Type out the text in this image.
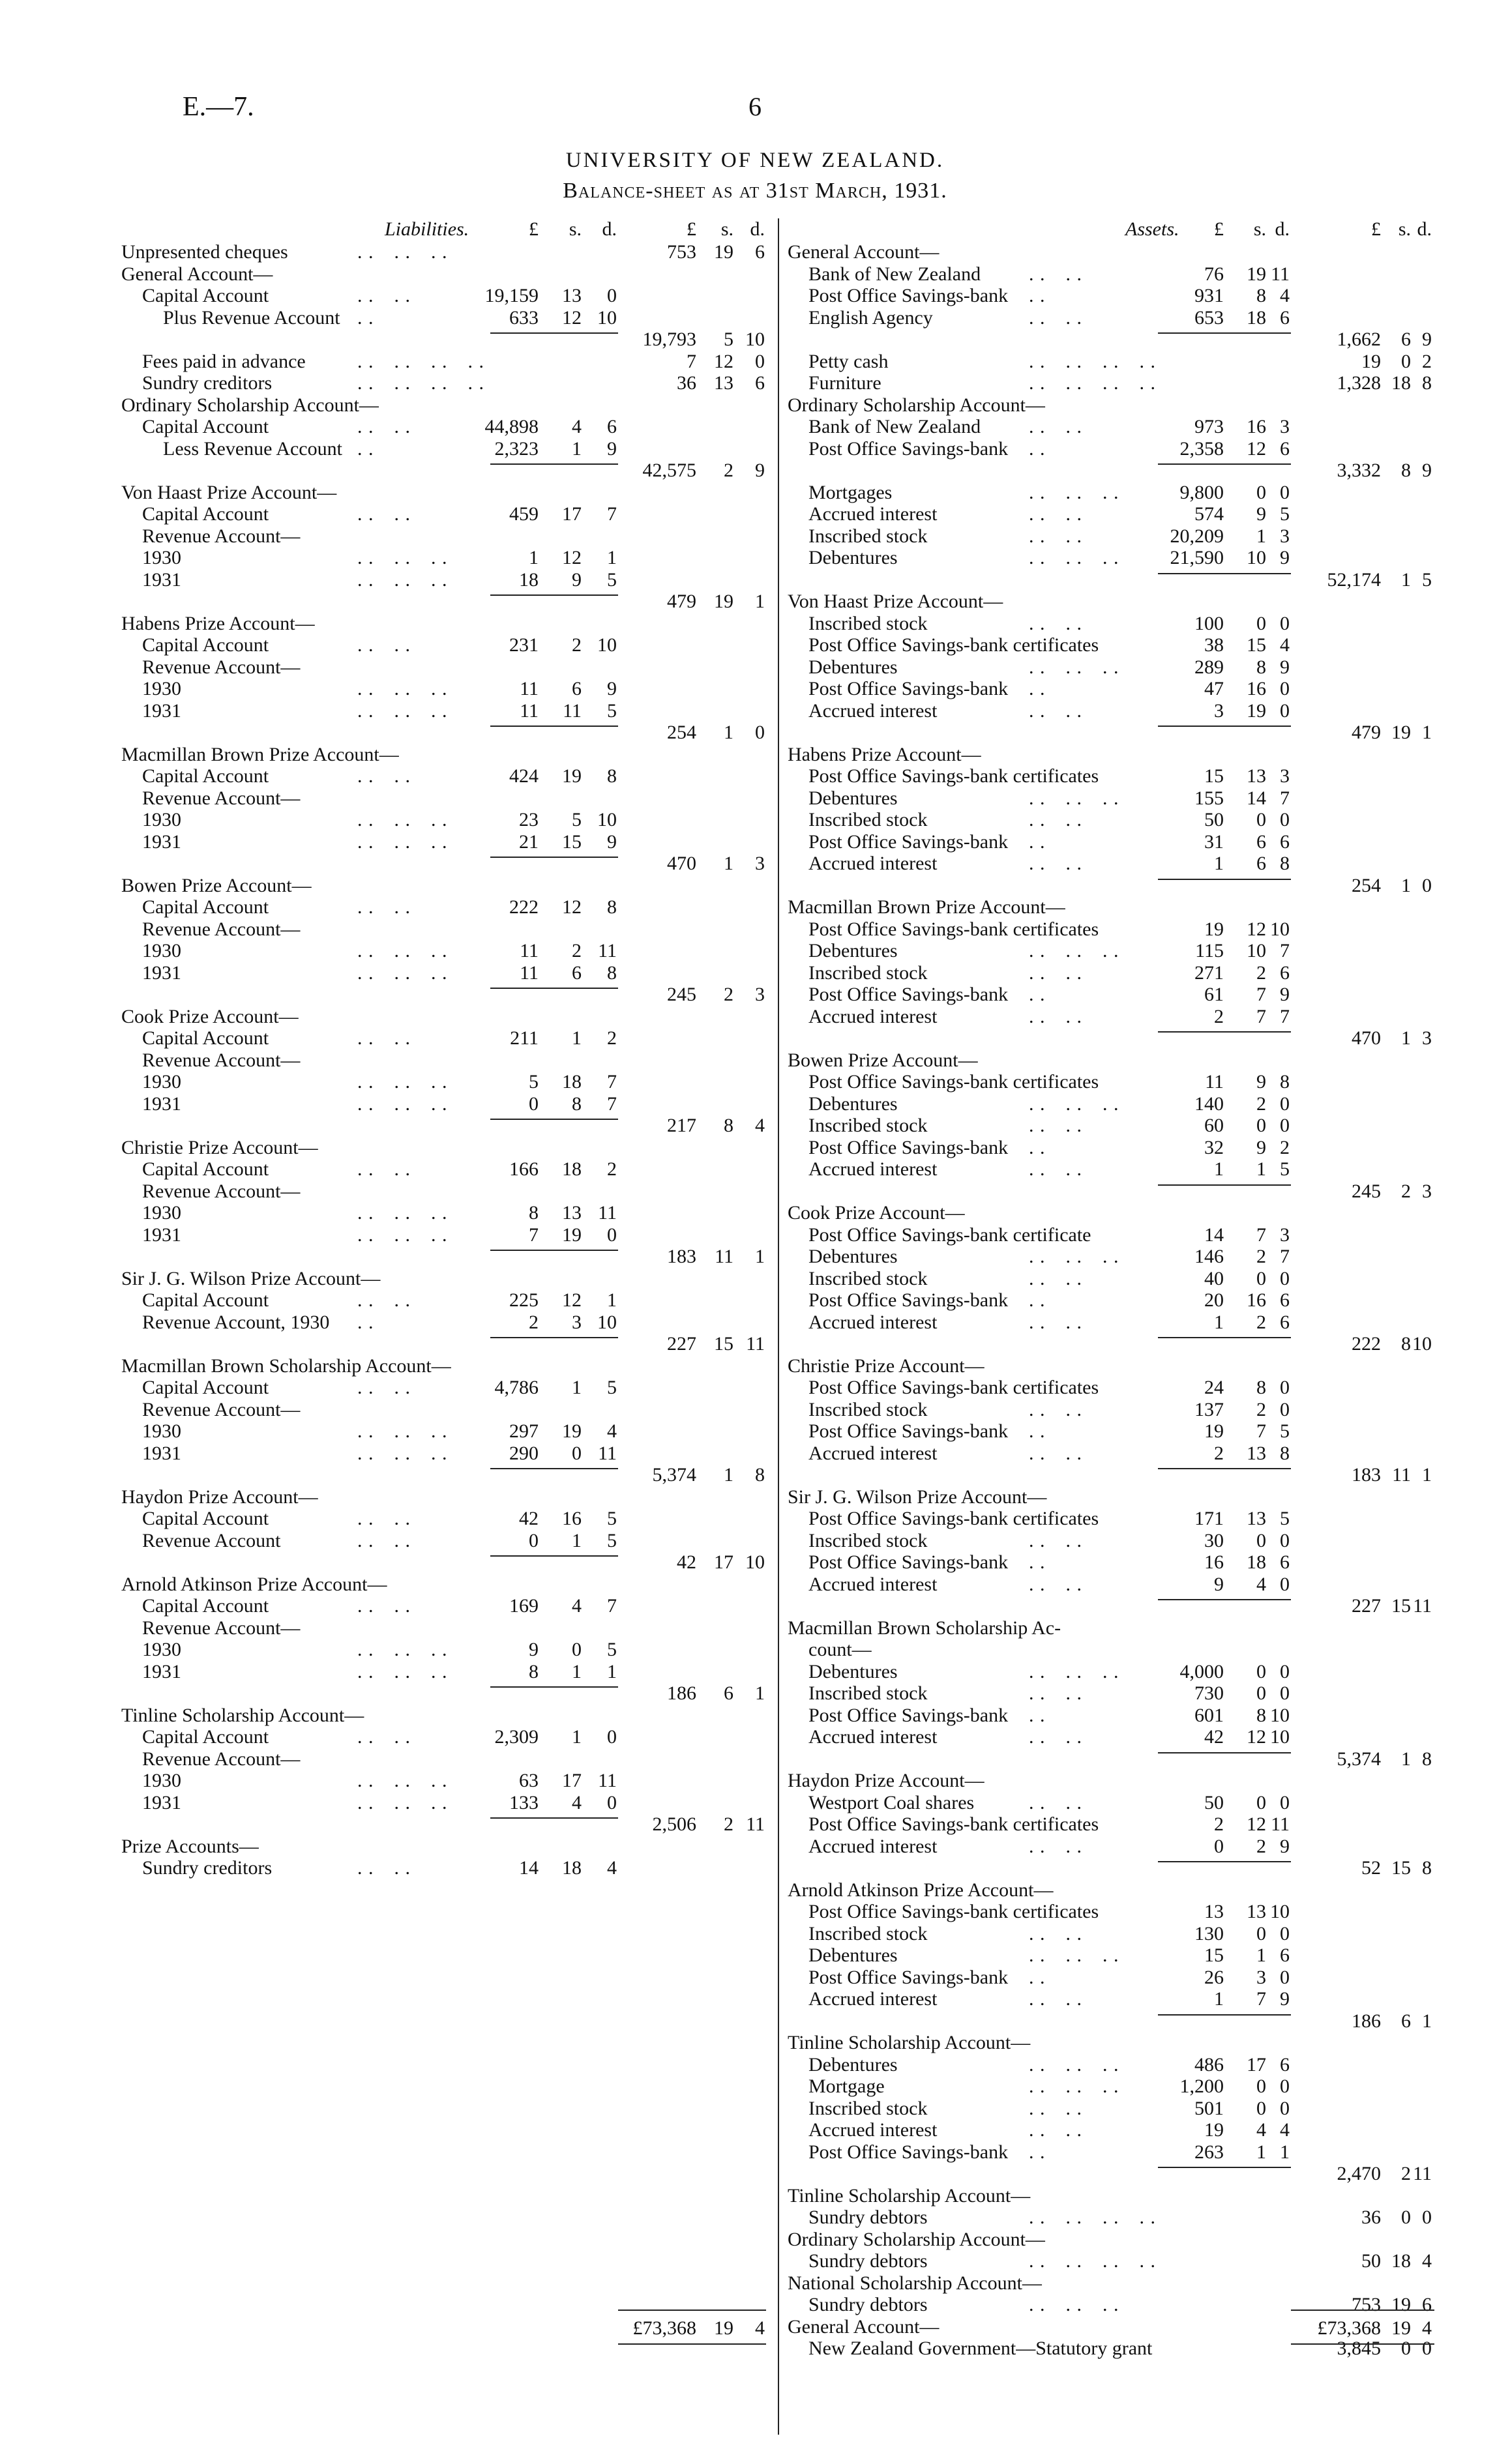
E.—7.	6
UNIVERSITY OF NEW ZEALAND.
Balance-sheet as at 31st March, 1931.
Liabilities.	£	s.	d.	£	s. d.
Unpresented cheques	. . . . . .	753 19	6
General Account—
Capital Account	. . . .	19,159	13	0
Plus Revenue Account . .	633	12 10
19,793	5 10
Fees paid in advance	. . . . . . . .	7 12	0
Sundry creditors	. . . . . . . .	36 13	6
Ordinary Scholarship Account—
Capital Account	. . . .	44,898	4	6
Less Revenue Account . .	2,323	1	9
42,575	2	9
Von Haast Prize Account—
Capital Account	. . . .	459	17	7
Revenue Account—
1930	. . . . . .	1	12	1
1931	. . . . . .	18	9	5
479 19	1
Habens Prize Account—
Capital Account	. . . .	231	2 10
Revenue Account—
1930	. . . . . .	11	6	9
1931	. . . . . .	11	11	5
254	1	0
Macmillan Brown Prize Account—
Capital Account	. . . .	424	19	8
Revenue Account—
1930	. . . . . .	23	5 10
1931	. . . . . .	21	15	9
470	1	3
Bowen Prize Account—
Capital Account	. . . .	222	12	8
Revenue Account—
1930	. . . . . .	11	2 11
1931	. . . . . .	11	6	8
245	2	3
Cook Prize Account—
Capital Account	. . . .	211	1	2
Revenue Account—
1930	. . . . . .	5	18	7
1931	. . . . . .	0	8	7
217	8	4
Christie Prize Account—
Capital Account	. . . .	166	18	2
Revenue Account—
1930	. . . . . .	8	13 11
1931	. . . . . .	7	19	0
183 11	1
Sir J. G. Wilson Prize Account—
Capital Account	. . . .	225	12	1
Revenue Account, 1930 . .	2	3 10
227 15 11
Macmillan Brown Scholarship Account—
Capital Account	. . . .	4,786	1	5
Revenue Account—
1930	. . . . . .	297	19	4
1931	. . . . . .	290	0 11
5,374	1	8
Haydon Prize Account—
Capital Account	. . . .	42	16	5
Revenue Account	. . . .	0	1	5
42 17 10
Arnold Atkinson Prize Account—
Capital Account	. . . .	169	4	7
Revenue Account—
1930	. . . . . .	9	0	5
1931	. . . . . .	8	1	1
186	6	1
Tinline Scholarship Account—
Capital Account	. . . .	2,309	1	0
Revenue Account—
1930	. . . . . .	63	17 11
1931	. . . . . .	133	4	0
2,506	2 11
Prize Accounts—
Sundry creditors	. . . .	14	18	4
£73,368 19	4
Assets.	£	s. d.	£ s. d.
General Account—
Bank of New Zealand . . . .	76	19 11
Post Office Savings-bank . .	931	8 4
English Agency	. . . .	653	18 6
1,662	6 9
Petty cash	. . . . . . . .	19	0 2
Furniture	. . . . . . . .	1,328 18 8
Ordinary Scholarship Account—
Bank of New Zealand . . . .	973	16 3
Post Office Savings-bank . .	2,358	12 6
3,332	8 9
Mortgages	. . . . . .	9,800	0 0
Accrued interest	. . . .	574	9 5
Inscribed stock	. . . .	20,209	1 3
Debentures	. . . . . .	21,590	10 9
52,174	1 5
Von Haast Prize Account—
Inscribed stock	. . . .	100	0 0
Post Office Savings-bank certificates	38	15 4
Debentures	. . . . . .	289	8 9
Post Office Savings-bank . .	47	16 0
Accrued interest	. . . .	3	19 0
479 19 1
Habens Prize Account—
Post Office Savings-bank certificates	15	13 3
Debentures	. . . . . .	155	14 7
Inscribed stock	. . . .	50	0 0
Post Office Savings-bank . .	31	6 6
Accrued interest	. . . .	1	6 8
254	1 0
Macmillan Brown Prize Account—
Post Office Savings-bank certificates	19	12 10
Debentures	. . . . . .	115	10 7
Inscribed stock	. . . .	271	2 6
Post Office Savings-bank . .	61	7 9
Accrued interest	. . . .	2	7 7
470	1 3
Bowen Prize Account—
Post Office Savings-bank certificates	11	9 8
Debentures	. . . . . .	140	2 0
Inscribed stock	. . . .	60	0 0
Post Office Savings-bank . .	32	9 2
Accrued interest	. . . .	1	1 5
245	2 3
Cook Prize Account—
Post Office Savings-bank certificate	14	7 3
Debentures	. . . . . .	146	2 7
Inscribed stock	. . . .	40	0 0
Post Office Savings-bank . .	20	16 6
Accrued interest	. . . .	1	2 6
222	8 10
Christie Prize Account—
Post Office Savings-bank certificates	24	8 0
Inscribed stock	. . . .	137	2 0
Post Office Savings-bank . .	19	7 5
Accrued interest	. . . .	2	13 8
183 11 1
Sir J. G. Wilson Prize Account—
Post Office Savings-bank certificates	171	13 5
Inscribed stock	. . . .	30	0 0
Post Office Savings-bank . .	16	18 6
Accrued interest	. . . .	9	4 0
227 15 11
Macmillan Brown Scholarship Ac-
count—
Debentures	. . . . . .	4,000	0 0
Inscribed stock	. . . .	730	0 0
Post Office Savings-bank . .	601	8 10
Accrued interest	. . . .	42	12 10
5,374	1 8
Haydon Prize Account—
Westport Coal shares	. . . .	50	0 0
Post Office Savings-bank certificates	2	12 11
Accrued interest	. . . .	0	2 9
52 15 8
Arnold Atkinson Prize Account—
Post Office Savings-bank certificates	13	13 10
Inscribed stock	. . . .	130	0 0
Debentures	. . . . . .	15	1 6
Post Office Savings-bank . .	26	3 0
Accrued interest	. . . .	1	7 9
186	6 1
Tinline Scholarship Account—
Debentures	. . . . . .	486	17 6
Mortgage	. . . . . .	1,200	0 0
Inscribed stock	. . . .	501	0 0
Accrued interest	. . . .	19	4 4
Post Office Savings-bank . .	263	1 1
2,470	2 11
Tinline Scholarship Account—
Sundry debtors	. . . . . . . .	36	0 0
Ordinary Scholarship Account—
Sundry debtors	. . . . . . . .	50 18 4
National Scholarship Account—
Sundry debtors	. . . . . .	753 19 6
General Account—
New Zealand Government—Statutory grant	3,845	0 0
£73,368 19 4
